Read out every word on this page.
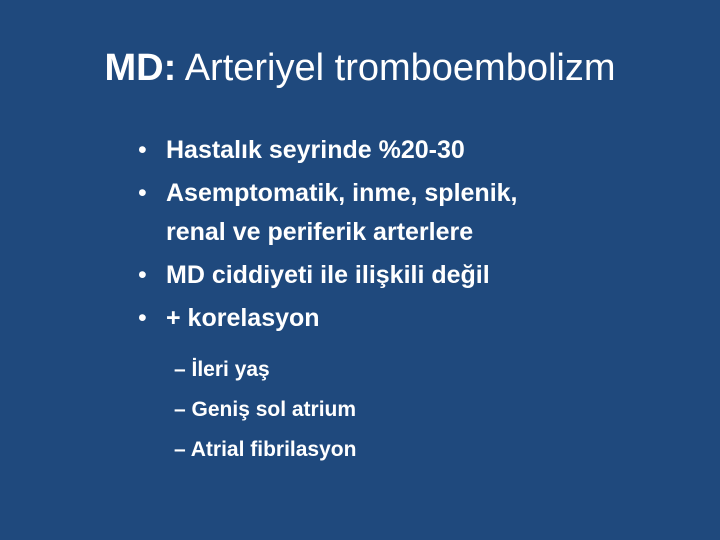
MD: Arteriyel tromboembolizm
• Hastalık seyrinde %20-30
• Asemptomatik, inme, splenik,
renal ve periferik arterlere
• MD ciddiyeti ile ilişkili değil
• + korelasyon
– İleri yaş
– Geniş sol atrium
– Atrial fibrilasyon
